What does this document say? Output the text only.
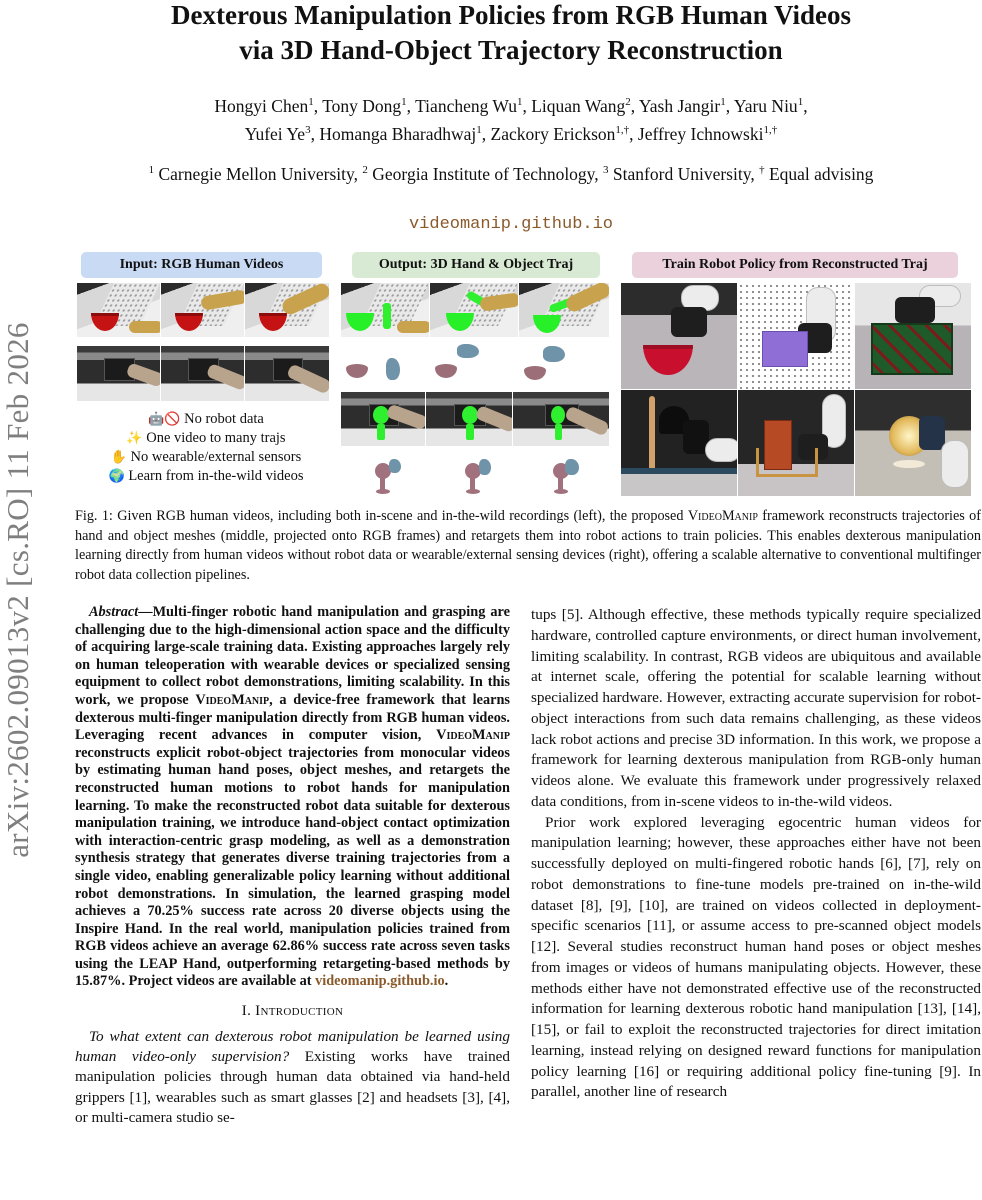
arXiv:2602.09013v2 [cs.RO] 11 Feb 2026
Dexterous Manipulation Policies from RGB Human Videos
via 3D Hand-Object Trajectory Reconstruction
Hongyi Chen$^1$, Tony Dong$^1$, Tiancheng Wu$^1$, Liquan Wang$^2$, Yash Jangir$^1$, Yaru Niu$^1$,
Yufei Ye$^3$, Homanga Bharadhwaj$^1$, Zackory Erickson$^{1,\dagger}$, Jeffrey Ichnowski$^{1,\dagger}$
$^1$ Carnegie Mellon University, $^2$ Georgia Institute of Technology, $^3$ Stanford University, † Equal advising
videomanip.github.io
Input: RGB Human Videos	Output: 3D Hand & Object Traj	Train Robot Policy from Reconstructed Traj
🤖🚫 No robot data
✨ One video to many trajs
✋ No wearable/external sensors
🌍 Learn from in-the-wild videos
Fig. 1: Given RGB human videos, including both in-scene and in-the-wild recordings (left), the proposed VideoManip framework reconstructs trajectories of hand and object meshes (middle, projected onto RGB frames) and retargets them into robot actions to train policies. This enables dexterous manipulation learning directly from human videos without robot data or wearable/external sensing devices (right), offering a scalable alternative to conventional multifinger robot data collection pipelines.
Abstract—Multi-finger robotic hand manipulation and grasping are challenging due to the high-dimensional action space and the difficulty of acquiring large-scale training data. Existing approaches largely rely on human teleoperation with wearable devices or specialized sensing equipment to collect robot demonstrations, limiting scalability. In this work, we propose VideoManip, a device-free framework that learns dexterous multi-finger manipulation directly from RGB human videos. Leveraging recent advances in computer vision, VideoManip reconstructs explicit robot-object trajectories from monocular videos by estimating human hand poses, object meshes, and retargets the reconstructed human motions to robot hands for manipulation learning. To make the reconstructed robot data suitable for dexterous manipulation training, we introduce hand-object contact optimization with interaction-centric grasp modeling, as well as a demonstration synthesis strategy that generates diverse training trajectories from a single video, enabling generalizable policy learning without additional robot demonstrations. In simulation, the learned grasping model achieves a 70.25% success rate across 20 diverse objects using the Inspire Hand. In the real world, manipulation policies trained from RGB videos achieve an average 62.86% success rate across seven tasks using the LEAP Hand, outperforming retargeting-based methods by 15.87%. Project videos are available at videomanip.github.io.
I. Introduction

To what extent can dexterous robot manipulation be learned using human video-only supervision? Existing works have trained manipulation policies through human data obtained via hand-held grippers [1], wearables such as smart glasses [2] and headsets [3], [4], or multi-camera studio se-

tups [5]. Although effective, these methods typically require specialized hardware, controlled capture environments, or direct human involvement, limiting scalability. In contrast, RGB videos are ubiquitous and available at internet scale, offering the potential for scalable learning without specialized hardware. However, extracting accurate supervision for robot-object interactions from such data remains challenging, as these videos lack robot actions and precise 3D information. In this work, we propose a framework for learning dexterous manipulation from RGB-only human videos alone. We evaluate this framework under progressively relaxed data conditions, from in-scene videos to in-the-wild videos.

Prior work explored leveraging egocentric human videos for manipulation learning; however, these approaches either have not been successfully deployed on multi-fingered robotic hands [6], [7], rely on robot demonstrations to fine-tune models pre-trained on in-the-wild dataset [8], [9], [10], are trained on videos collected in deployment-specific scenarios [11], or assume access to pre-scanned object models [12]. Several studies reconstruct human hand poses or object meshes from images or videos of humans manipulating objects. However, these methods either have not demonstrated effective use of the reconstructed information for learning dexterous robotic hand manipulation [13], [14], [15], or fail to exploit the reconstructed trajectories for direct imitation learning, instead relying on designed reward functions for manipulation policy learning [16] or requiring additional policy fine-tuning [9]. In parallel, another line of research
